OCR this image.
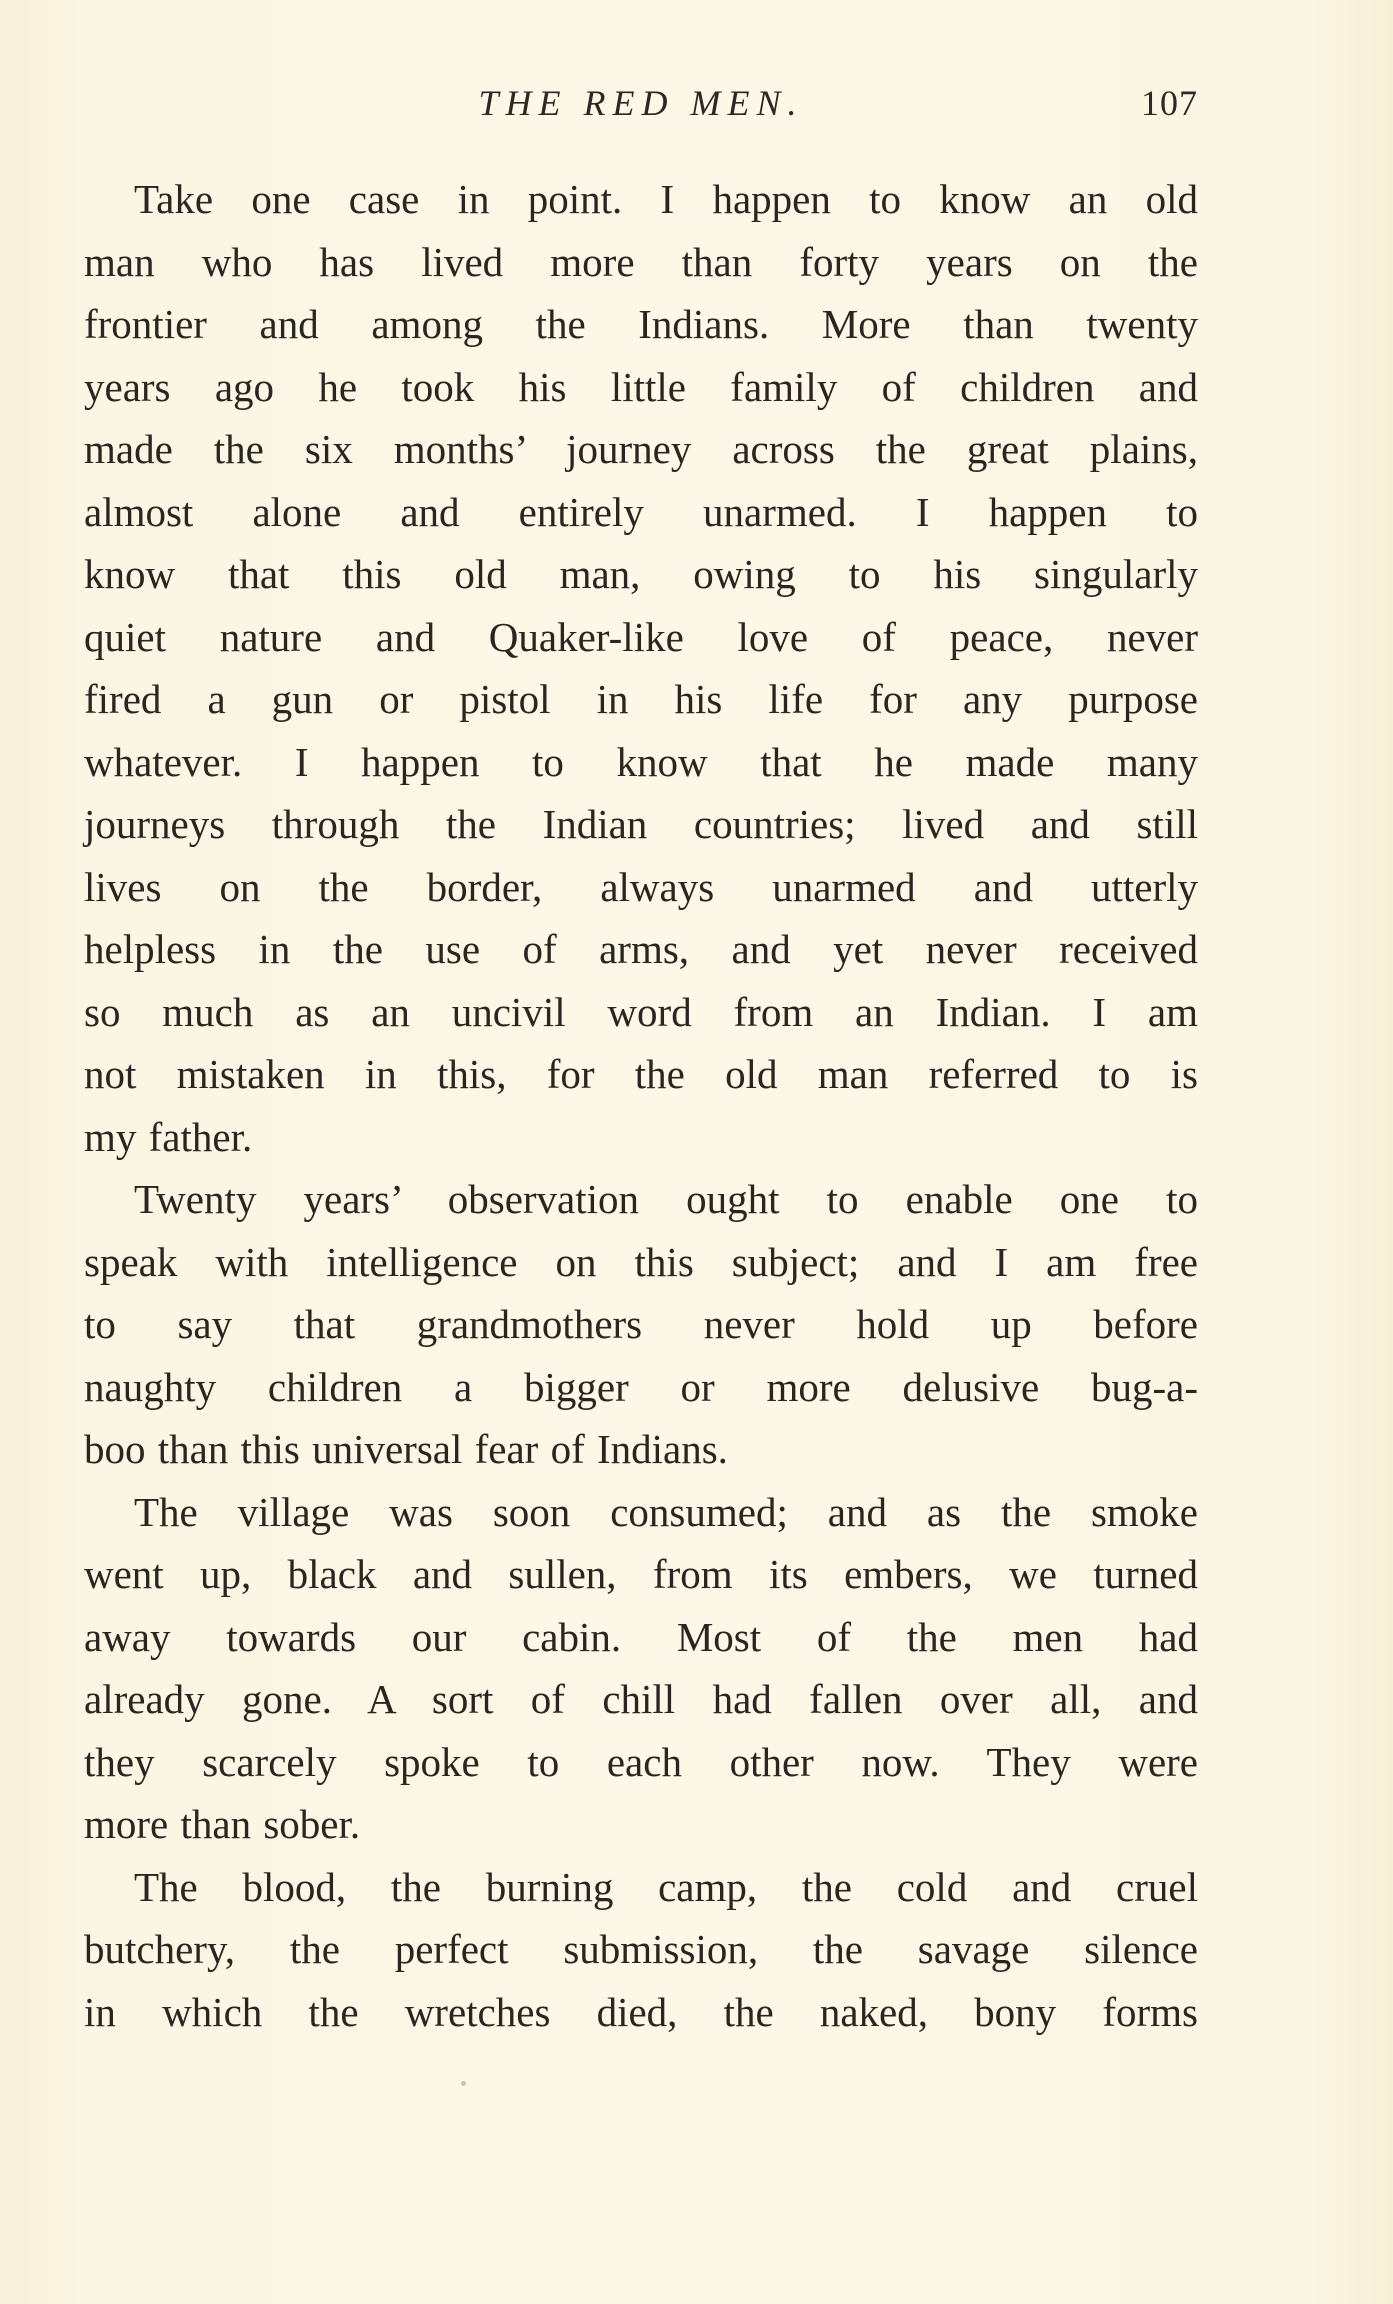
THE RED MEN.	107
Take one case in point. I happen to know an old
man who has lived more than forty years on the
frontier and among the Indians. More than twenty
years ago he took his little family of children and
made the six months’ journey across the great plains,
almost alone and entirely unarmed. I happen to
know that this old man, owing to his singularly
quiet nature and Quaker-like love of peace, never
fired a gun or pistol in his life for any purpose
whatever. I happen to know that he made many
journeys through the Indian countries; lived and still
lives on the border, always unarmed and utterly
helpless in the use of arms, and yet never received
so much as an uncivil word from an Indian. I am
not mistaken in this, for the old man referred to is
my father.
Twenty years’ observation ought to enable one to
speak with intelligence on this subject; and I am free
to say that grandmothers never hold up before
naughty children a bigger or more delusive bug-a-
boo than this universal fear of Indians.
The village was soon consumed; and as the smoke
went up, black and sullen, from its embers, we turned
away towards our cabin. Most of the men had
already gone. A sort of chill had fallen over all, and
they scarcely spoke to each other now. They were
more than sober.
The blood, the burning camp, the cold and cruel
butchery, the perfect submission, the savage silence
in which the wretches died, the naked, bony forms
